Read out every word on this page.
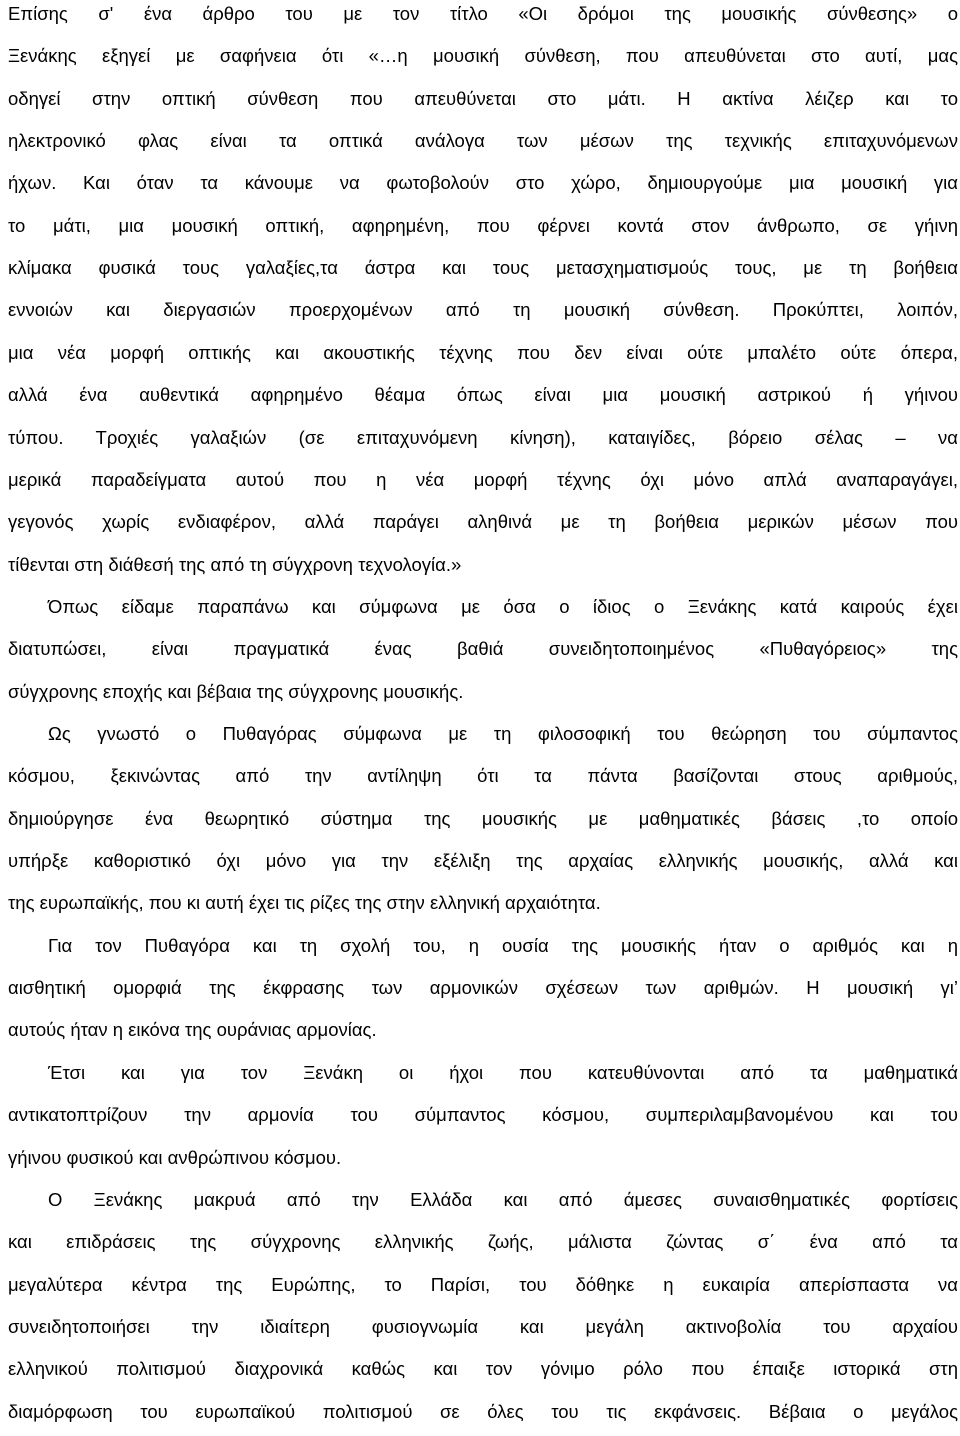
Επίσης σ' ένα άρθρο του με τον τίτλο «Οι δρόμοι της μουσικής σύνθεσης» ο
Ξενάκης εξηγεί με σαφήνεια ότι «…η μουσική σύνθεση, που απευθύνεται στο αυτί, μας
οδηγεί στην οπτική σύνθεση που απευθύνεται στο μάτι. Η ακτίνα λέιζερ και το
ηλεκτρονικό φλας είναι τα οπτικά ανάλογα των μέσων της τεχνικής επιταχυνόμενων
ήχων. Και όταν τα κάνουμε να φωτοβολούν στο χώρο, δημιουργούμε μια μουσική για
το μάτι, μια μουσική οπτική, αφηρημένη, που φέρνει κοντά στον άνθρωπο, σε γήινη
κλίμακα φυσικά τους γαλαξίες,τα άστρα και τους μετασχηματισμούς τους, με τη βοήθεια
εννοιών και διεργασιών προερχομένων από τη μουσική σύνθεση. Προκύπτει, λοιπόν,
μια νέα μορφή οπτικής και ακουστικής τέχνης που δεν είναι ούτε μπαλέτο ούτε όπερα,
αλλά ένα αυθεντικά αφηρημένο θέαμα όπως είναι μια μουσική αστρικού ή γήινου
τύπου. Τροχιές γαλαξιών (σε επιταχυνόμενη κίνηση), καταιγίδες, βόρειο σέλας – να
μερικά παραδείγματα αυτού που η νέα μορφή τέχνης όχι μόνο απλά αναπαραγάγει,
γεγονός χωρίς ενδιαφέρον, αλλά παράγει αληθινά με τη βοήθεια μερικών μέσων που
τίθενται στη διάθεσή της από τη σύγχρονη τεχνολογία.»
Όπως είδαμε παραπάνω και σύμφωνα με όσα ο ίδιος ο Ξενάκης κατά καιρούς έχει
διατυπώσει, είναι πραγματικά ένας βαθιά συνειδητοποιημένος «Πυθαγόρειος» της
σύγχρονης εποχής και βέβαια της σύγχρονης μουσικής.
Ως γνωστό ο Πυθαγόρας σύμφωνα με τη φιλοσοφική του θεώρηση του σύμπαντος
κόσμου, ξεκινώντας από την αντίληψη ότι τα πάντα βασίζονται στους αριθμούς,
δημιούργησε ένα θεωρητικό σύστημα της μουσικής με μαθηματικές βάσεις ,το οποίο
υπήρξε καθοριστικό όχι μόνο για την εξέλιξη της αρχαίας ελληνικής μουσικής, αλλά και
της ευρωπαϊκής, που κι αυτή έχει τις ρίζες της στην ελληνική αρχαιότητα.
Για τον Πυθαγόρα και τη σχολή του, η ουσία της μουσικής ήταν ο αριθμός και η
αισθητική ομορφιά της έκφρασης των αρμονικών σχέσεων των αριθμών. Η μουσική γι’
αυτούς ήταν η εικόνα της ουράνιας αρμονίας.
Έτσι και για τον Ξενάκη οι ήχοι που κατευθύνονται από τα μαθηματικά
αντικατοπτρίζουν την αρμονία του σύμπαντος κόσμου, συμπεριλαμβανομένου και του
γήινου φυσικού και ανθρώπινου κόσμου.
Ο Ξενάκης μακρυά από την Ελλάδα και από άμεσες συναισθηματικές φορτίσεις
και επιδράσεις της σύγχρονης ελληνικής ζωής, μάλιστα ζώντας σ΄ ένα από τα
μεγαλύτερα κέντρα της Ευρώπης, το Παρίσι, του δόθηκε η ευκαιρία απερίσπαστα να
συνειδητοποιήσει την ιδιαίτερη φυσιογνωμία και μεγάλη ακτινοβολία του αρχαίου
ελληνικού πολιτισμού διαχρονικά καθώς και τον γόνιμο ρόλο που έπαιξε ιστορικά στη
διαμόρφωση του ευρωπαϊκού πολιτισμού σε όλες του τις εκφάνσεις. Βέβαια ο μεγάλος
